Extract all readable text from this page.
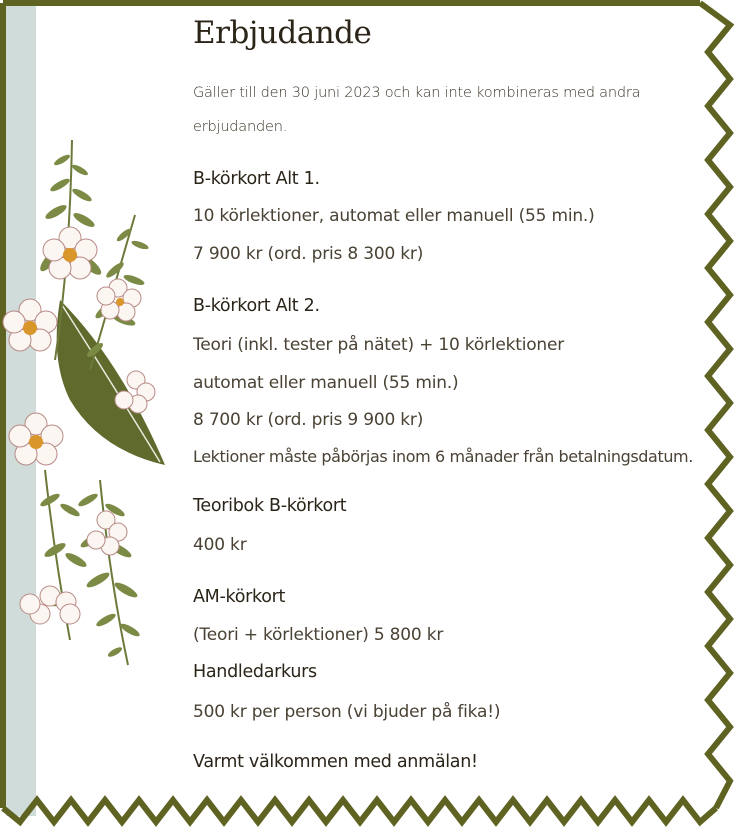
Erbjudande
Gäller till den 30 juni 2023 och kan inte kombineras med andra
erbjudanden.
B-körkort Alt 1.
10 körlektioner, automat eller manuell (55 min.)
7 900 kr (ord. pris 8 300 kr)
B-körkort Alt 2.
Teori (inkl. tester på nätet) + 10 körlektioner
automat eller manuell (55 min.)
8 700 kr (ord. pris 9 900 kr)
Lektioner måste påbörjas inom 6 månader från betalningsdatum.
Teoribok B-körkort
400 kr
AM-körkort
(Teori + körlektioner) 5 800 kr
Handledarkurs
500 kr per person (vi bjuder på fika!)
Varmt välkommen med anmälan!
